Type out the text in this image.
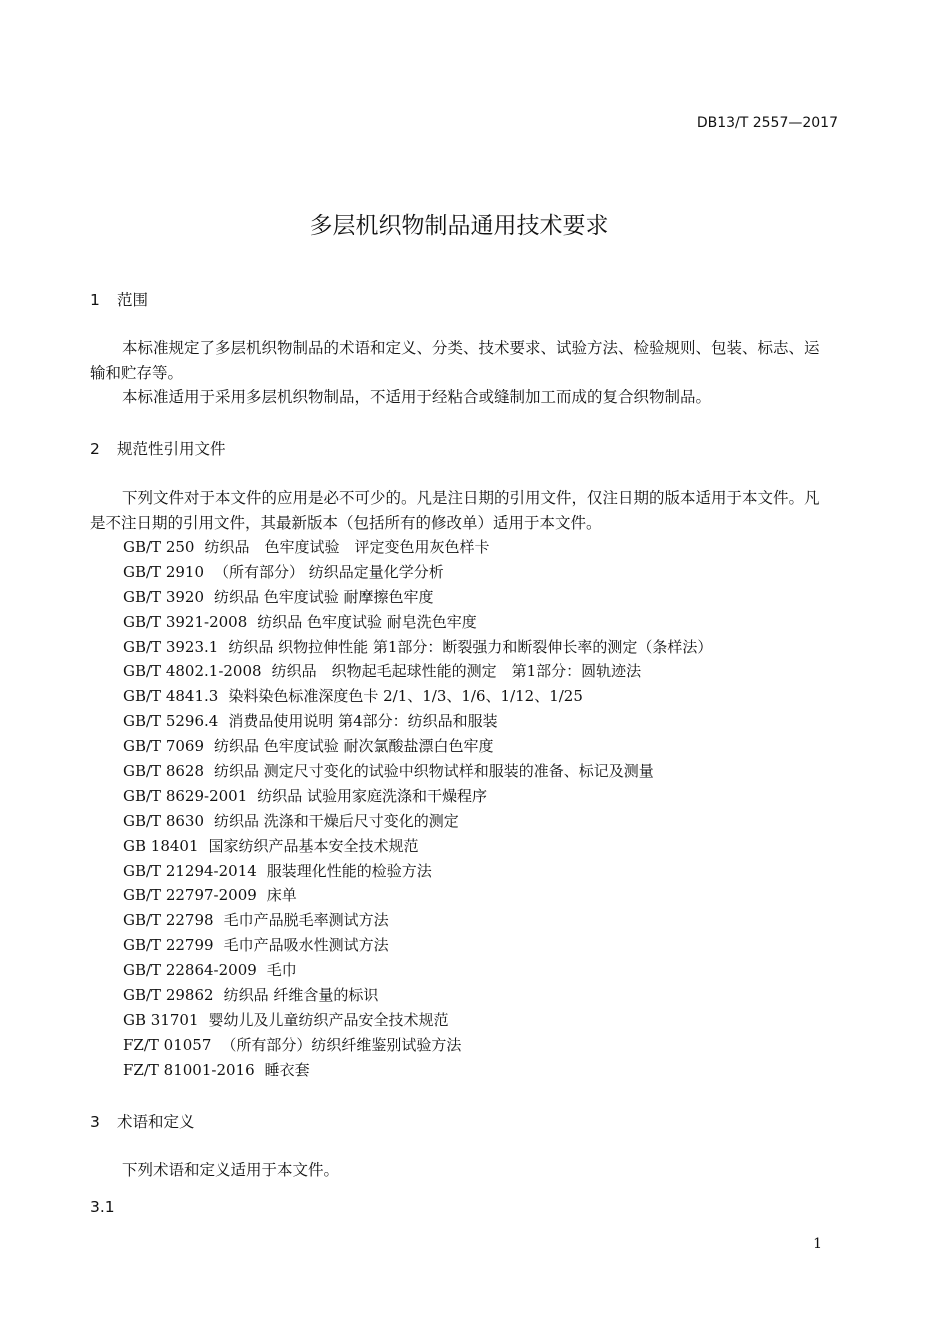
DB13/T 2557—2017
多层机织物制品通用技术要求
1 范围
本标准规定了多层机织物制品的术语和定义、分类、技术要求、试验方法、检验规则、包装、标志、运输和贮存等。
本标准适用于采用多层机织物制品，不适用于经粘合或缝制加工而成的复合织物制品。
2 规范性引用文件
下列文件对于本文件的应用是必不可少的。凡是注日期的引用文件，仅注日期的版本适用于本文件。凡是不注日期的引用文件，其最新版本（包括所有的修改单）适用于本文件。
GB/T 250 纺织品　色牢度试验　评定变色用灰色样卡
GB/T 2910 （所有部分） 纺织品定量化学分析
GB/T 3920 纺织品 色牢度试验 耐摩擦色牢度
GB/T 3921-2008 纺织品 色牢度试验 耐皂洗色牢度
GB/T 3923.1 纺织品 织物拉伸性能 第1部分：断裂强力和断裂伸长率的测定（条样法）
GB/T 4802.1-2008 纺织品　织物起毛起球性能的测定　第1部分：圆轨迹法
GB/T 4841.3 染料染色标准深度色卡 2/1、1/3、1/6、1/12、1/25
GB/T 5296.4 消费品使用说明 第4部分：纺织品和服装
GB/T 7069 纺织品 色牢度试验 耐次氯酸盐漂白色牢度
GB/T 8628 纺织品 测定尺寸变化的试验中织物试样和服装的准备、标记及测量
GB/T 8629-2001 纺织品 试验用家庭洗涤和干燥程序
GB/T 8630 纺织品 洗涤和干燥后尺寸变化的测定
GB 18401 国家纺织产品基本安全技术规范
GB/T 21294-2014 服装理化性能的检验方法
GB/T 22797-2009 床单
GB/T 22798 毛巾产品脱毛率测试方法
GB/T 22799 毛巾产品吸水性测试方法
GB/T 22864-2009 毛巾
GB/T 29862 纺织品 纤维含量的标识
GB 31701 婴幼儿及儿童纺织产品安全技术规范
FZ/T 01057 （所有部分）纺织纤维鉴别试验方法
FZ/T 81001-2016 睡衣套
3 术语和定义
下列术语和定义适用于本文件。
3.1
1
